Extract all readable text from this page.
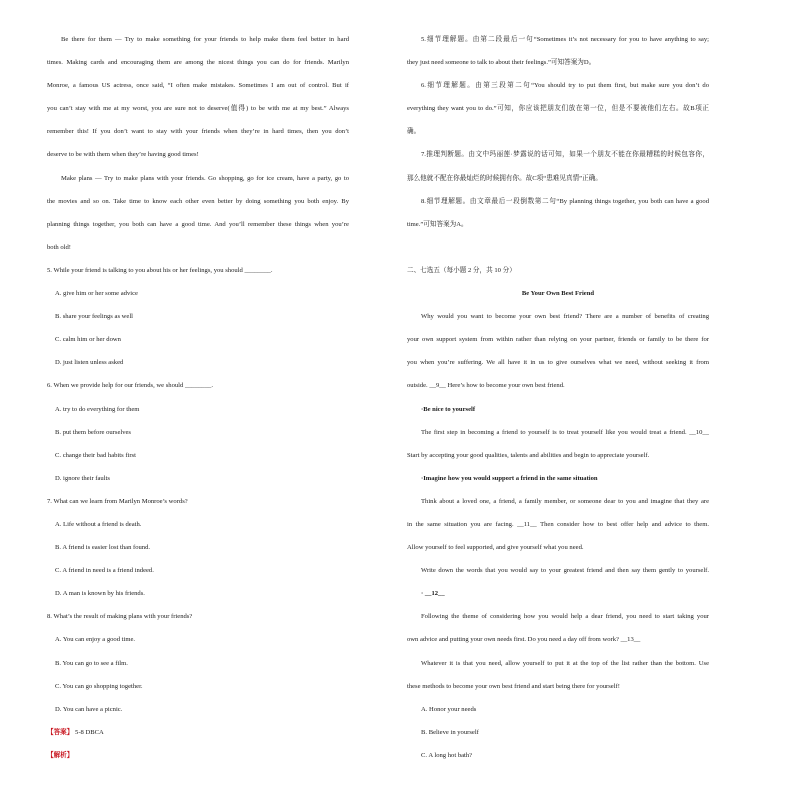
Be there for them — Try to make something for your friends to help make them feel better in hard
times. Making cards and encouraging them are among the nicest things you can do for friends. Marilyn
Monroe, a famous US actress, once said, “I often make mistakes. Sometimes I am out of control. But if
you can’t stay with me at my worst, you are sure not to deserve(值得) to be with me at my best.” Always
remember this! If you don’t want to stay with your friends when they’re in hard times, then you don’t
deserve to be with them when they’re having good times!
Make plans — Try to make plans with your friends. Go shopping, go for ice cream, have a party, go to
the movies and so on. Take time to know each other even better by doing something you both enjoy. By
planning things together, you both can have a good time. And you’ll remember these things when you’re
both old!
5. While your friend is talking to you about his or her feelings, you should ________.
A. give him or her some advice
B. share your feelings as well
C. calm him or her down
D. just listen unless asked
6. When we provide help for our friends, we should ________.
A. try to do everything for them
B. put them before ourselves
C. change their bad habits first
D. ignore their faults
7. What can we learn from Marilyn Monroe’s words?
A. Life without a friend is death.
B. A friend is easier lost than found.
C. A friend in need is a friend indeed.
D. A man is known by his friends.
8. What’s the result of making plans with your friends?
A. You can enjoy a good time.
B. You can go to see a film.
C. You can go shopping together.
D. You can have a picnic.
【答案】 5-8 DBCA
【解析】
5.细节理解题。由第二段最后一句“Sometimes it’s not necessary for you to have anything to say;
they just need someone to talk to about their feelings.”可知答案为D。
6.细节理解题。由第三段第二句“You should try to put them first, but make sure you don’t do
everything they want you to do.”可知，你应该把朋友们放在第一位，但是不要被他们左右。故B项正
确。
7.推理判断题。由文中玛丽莲·梦露说的话可知，如果一个朋友不能在你最糟糕的时候包容你，
那么他就不配在你最灿烂的时候拥有你。故C项“患难见真情”正确。
8.细节理解题。由文章最后一段倒数第二句“By planning things together, you both can have a good
time.”可知答案为A。
二、七选五（每小题 2 分，共 10 分）
Be Your Own Best Friend
Why would you want to become your own best friend? There are a number of benefits of creating
your own support system from within rather than relying on your partner, friends or family to be there for
you when you’re suffering. We all have it in us to give ourselves what we need, without seeking it from
outside. __9__ Here’s how to become your own best friend.
·Be nice to yourself
The first step in becoming a friend to yourself is to treat yourself like you would treat a friend. __10__
Start by accepting your good qualities, talents and abilities and begin to appreciate yourself.
·Imagine how you would support a friend in the same situation
Think about a loved one, a friend, a family member, or someone dear to you and imagine that they are
in the same situation you are facing. __11__ Then consider how to best offer help and advice to them.
Allow yourself to feel supported, and give yourself what you need.
Write down the words that you would say to your greatest friend and then say them gently to yourself.
· __12__
Following the theme of considering how you would help a dear friend, you need to start taking your
own advice and putting your own needs first. Do you need a day off from work? __13__
Whatever it is that you need, allow yourself to put it at the top of the list rather than the bottom. Use
these methods to become your own best friend and start being there for yourself!
A. Honor your needs
B. Believe in yourself
C. A long hot bath?
